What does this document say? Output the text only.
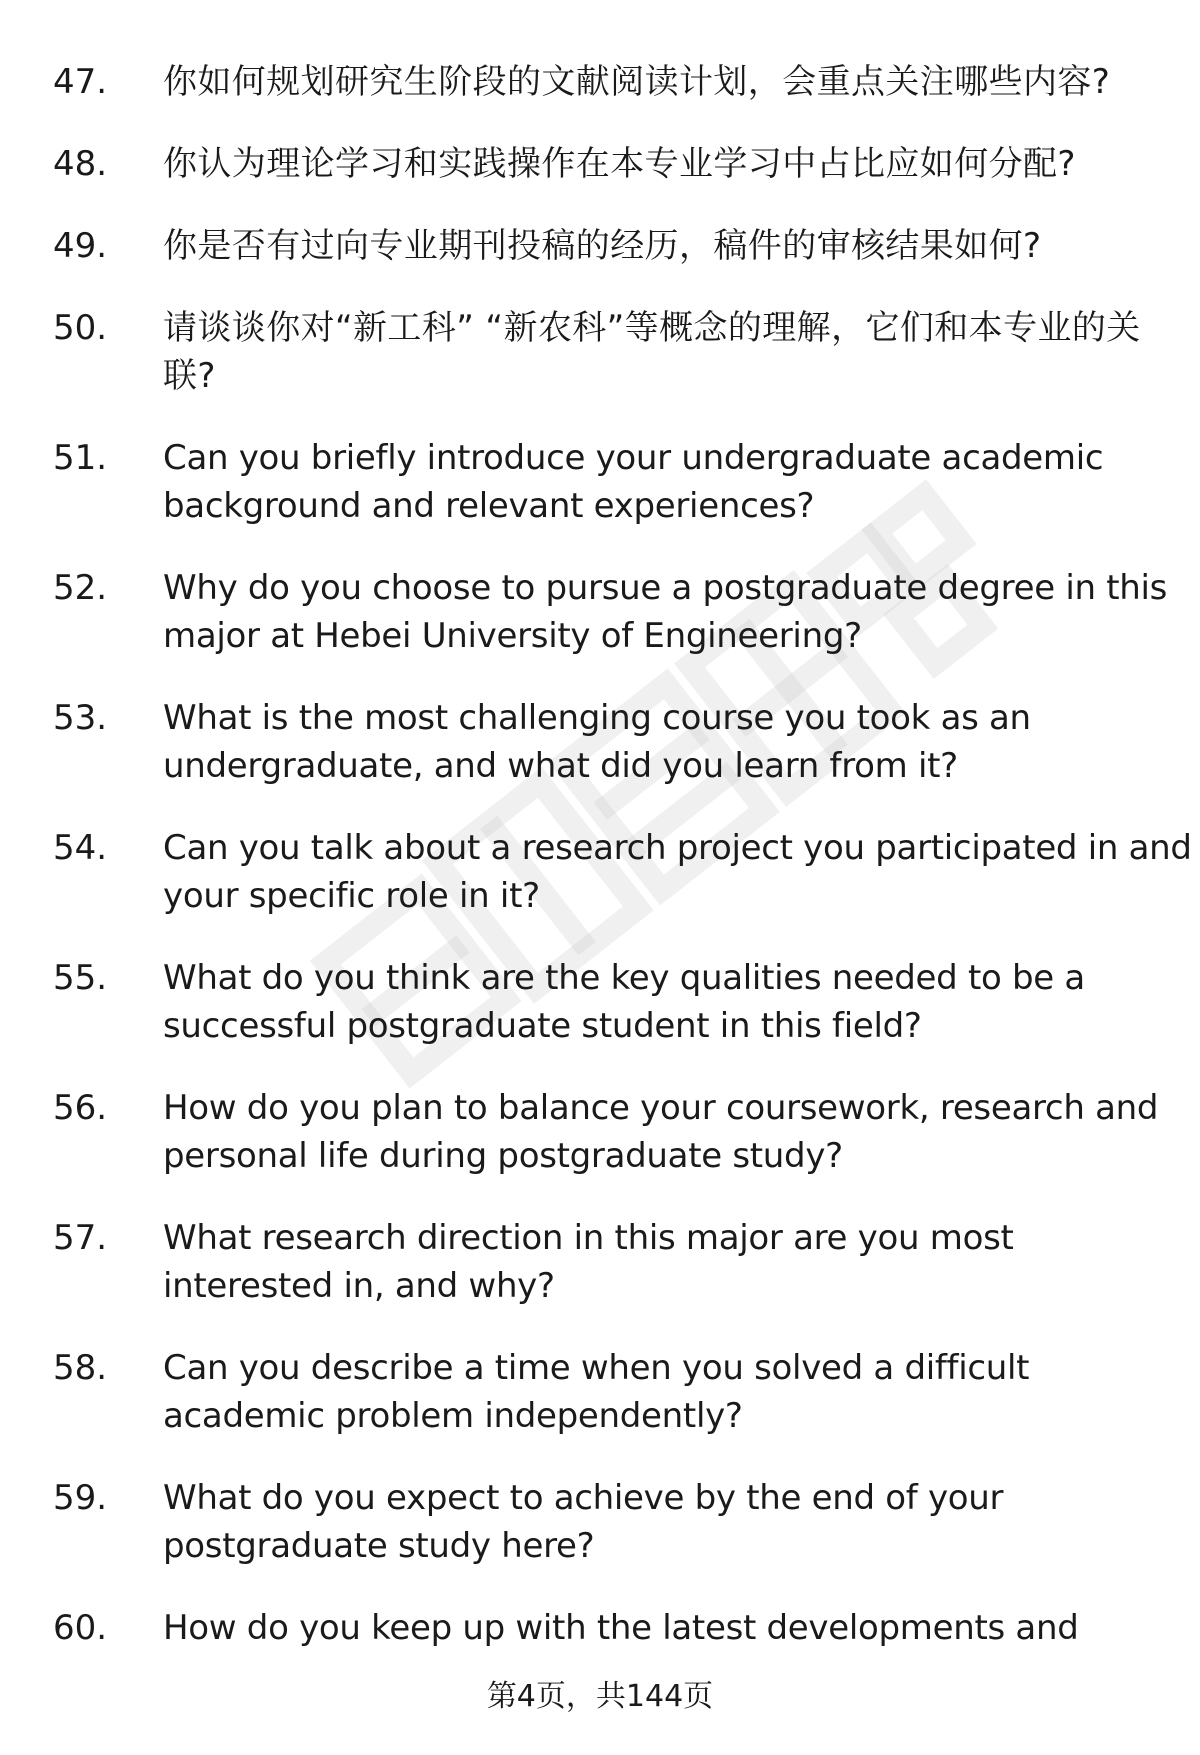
47.	你如何规划研究生阶段的文献阅读计划，会重点关注哪些内容?
48.	你认为理论学习和实践操作在本专业学习中占比应如何分配?
49.	你是否有过向专业期刊投稿的经历，稿件的审核结果如何?
50.	请谈谈你对“新工科” “新农科”等概念的理解，它们和本专业的关联?
51.	Can you briefly introduce your undergraduate academic background and relevant experiences?
52.	Why do you choose to pursue a postgraduate degree in this major at Hebei University of Engineering?
53.	What is the most challenging course you took as an undergraduate, and what did you learn from it?
54.	Can you talk about a research project you participated in and your specific role in it?
55.	What do you think are the key qualities needed to be a successful postgraduate student in this field?
56.	How do you plan to balance your coursework, research and personal life during postgraduate study?
57.	What research direction in this major are you most interested in, and why?
58.	Can you describe a time when you solved a difficult academic problem independently?
59.	What do you expect to achieve by the end of your postgraduate study here?
60.	How do you keep up with the latest developments and
第4页，共144页
